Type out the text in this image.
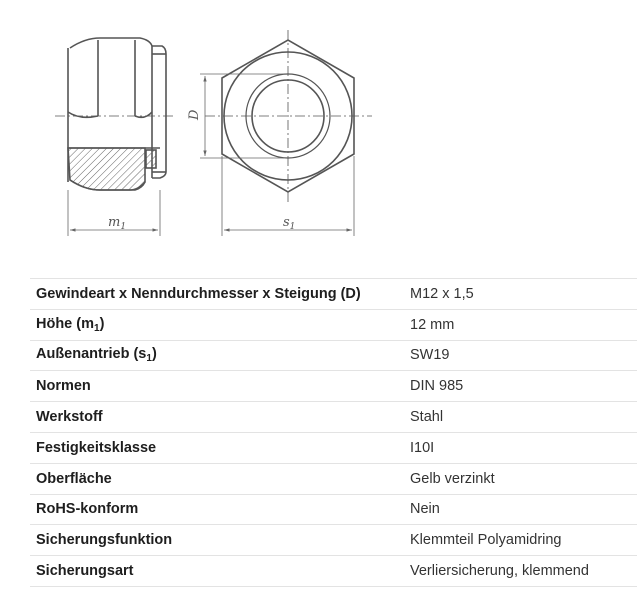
$m_1$
D
$s_1$
Gewindeart x Nenndurchmesser x Steigung (D)	M12 x 1,5
Höhe $(m_1)$	12 mm
Außenantrieb $(s_1)$	SW19
Normen	DIN 985
Werkstoff	Stahl
Festigkeitsklasse	I10I
Oberfläche	Gelb verzinkt
RoHS-konform	Nein
Sicherungsfunktion	Klemmteil Polyamidring
Sicherungsart	Verliersicherung, klemmend
